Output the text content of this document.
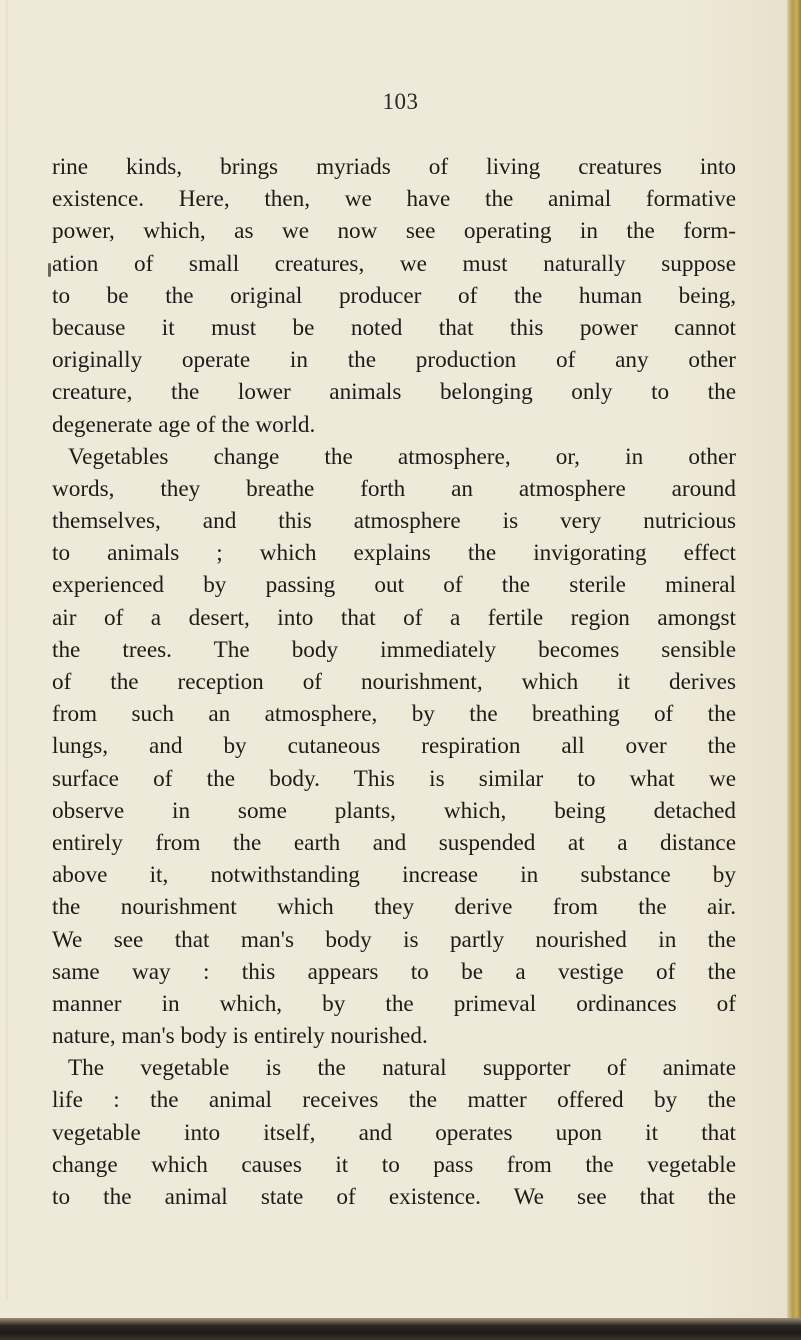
103
rine kinds, brings myriads of living creatures into
existence. Here, then, we have the animal formative
power, which, as we now see operating in the form-
ation of small creatures, we must naturally suppose
to be the original producer of the human being,
because it must be noted that this power cannot
originally operate in the production of any other
creature, the lower animals belonging only to the
degenerate age of the world.
Vegetables change the atmosphere, or, in other
words, they breathe forth an atmosphere around
themselves, and this atmosphere is very nutricious
to animals ; which explains the invigorating effect
experienced by passing out of the sterile mineral
air of a desert, into that of a fertile region amongst
the trees. The body immediately becomes sensible
of the reception of nourishment, which it derives
from such an atmosphere, by the breathing of the
lungs, and by cutaneous respiration all over the
surface of the body. This is similar to what we
observe in some plants, which, being detached
entirely from the earth and suspended at a distance
above it, notwithstanding increase in substance by
the nourishment which they derive from the air.
We see that man's body is partly nourished in the
same way : this appears to be a vestige of the
manner in which, by the primeval ordinances of
nature, man's body is entirely nourished.
The vegetable is the natural supporter of animate
life : the animal receives the matter offered by the
vegetable into itself, and operates upon it that
change which causes it to pass from the vegetable
to the animal state of existence. We see that the
